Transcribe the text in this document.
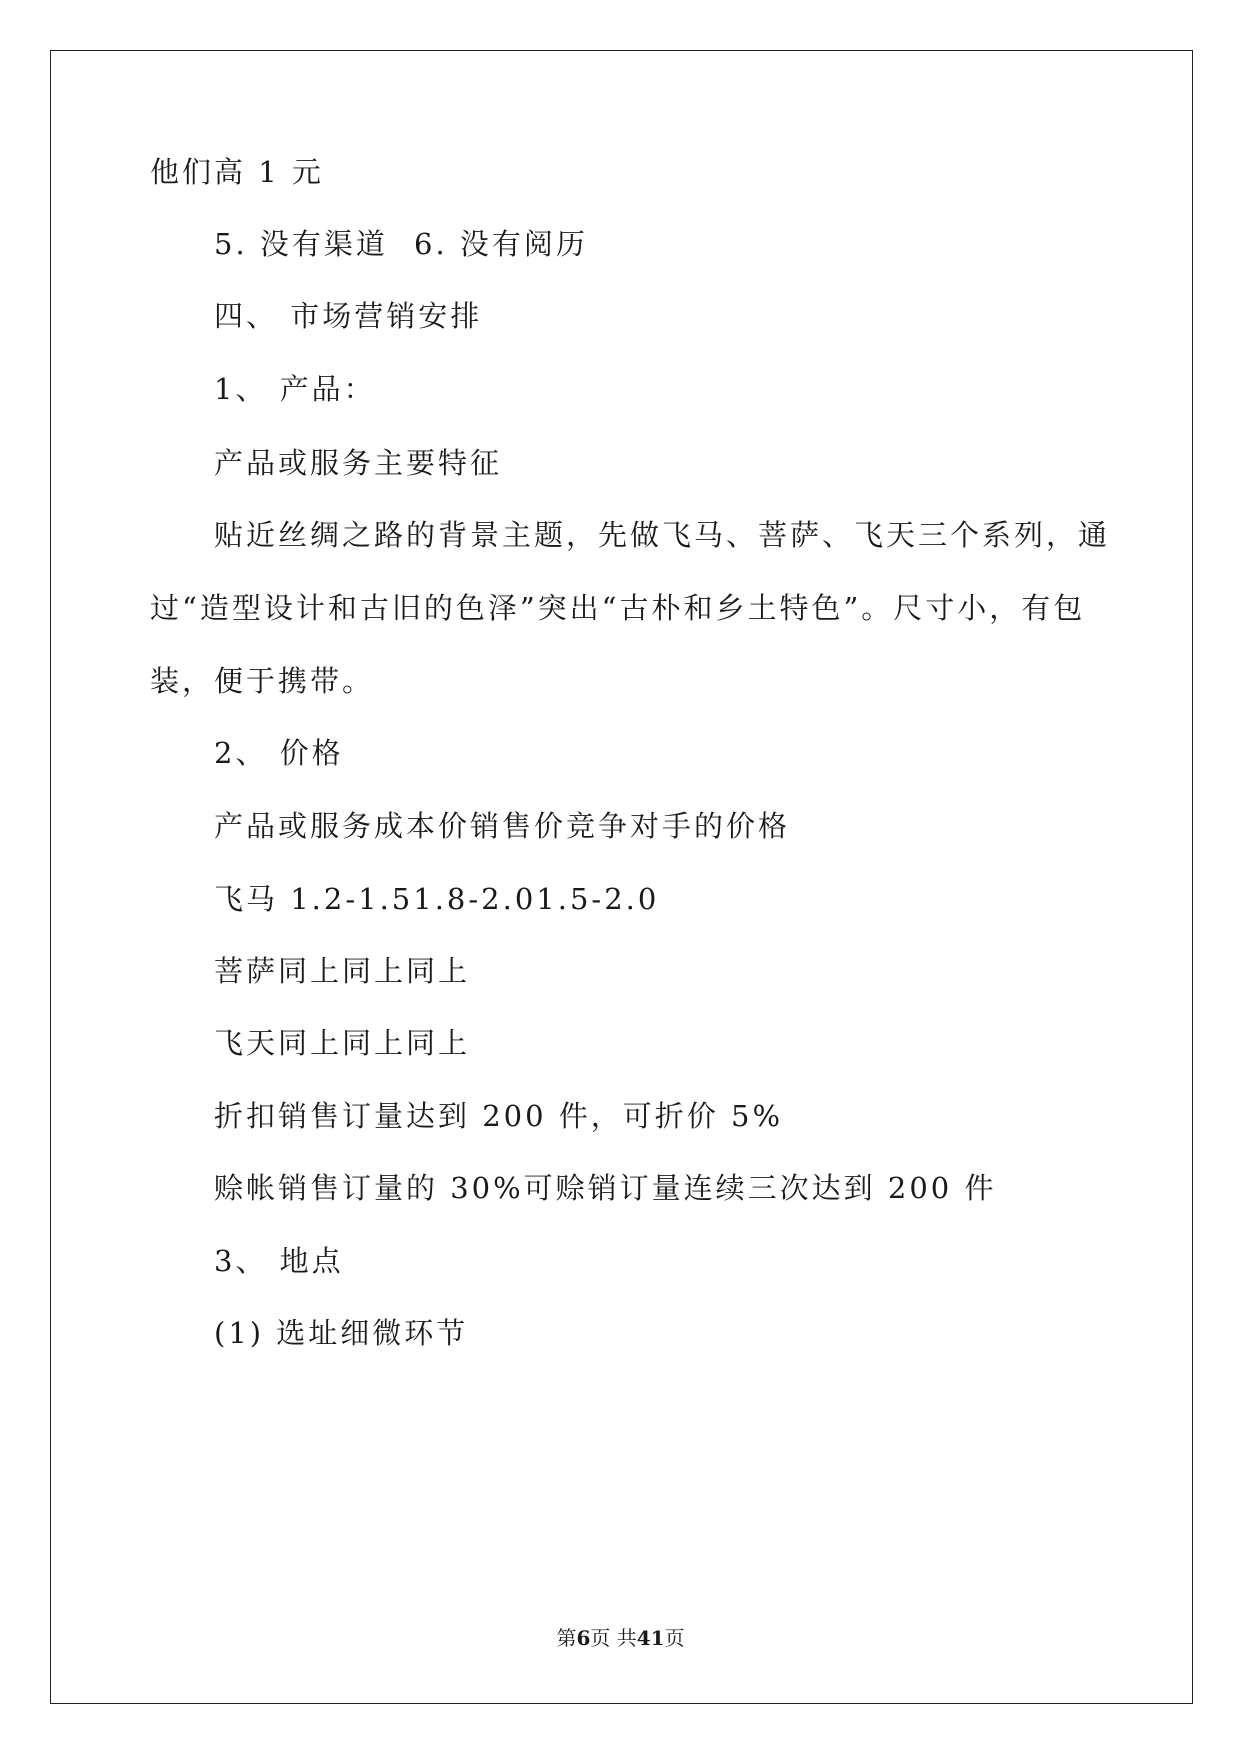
他们高 1 元
5. 没有渠道 6. 没有阅历
四、 市场营销安排
1、 产品：
产品或服务主要特征
贴近丝绸之路的背景主题，先做飞马、菩萨、飞天三个系列，通
过“造型设计和古旧的色泽”突出“古朴和乡土特色”。尺寸小，有包
装，便于携带。
2、 价格
产品或服务成本价销售价竞争对手的价格
飞马 1.2-1.51.8-2.01.5-2.0
菩萨同上同上同上
飞天同上同上同上
折扣销售订量达到 200 件，可折价 5%
赊帐销售订量的 30%可赊销订量连续三次达到 200 件
3、 地点
(1) 选址细微环节
第6页 共41页
